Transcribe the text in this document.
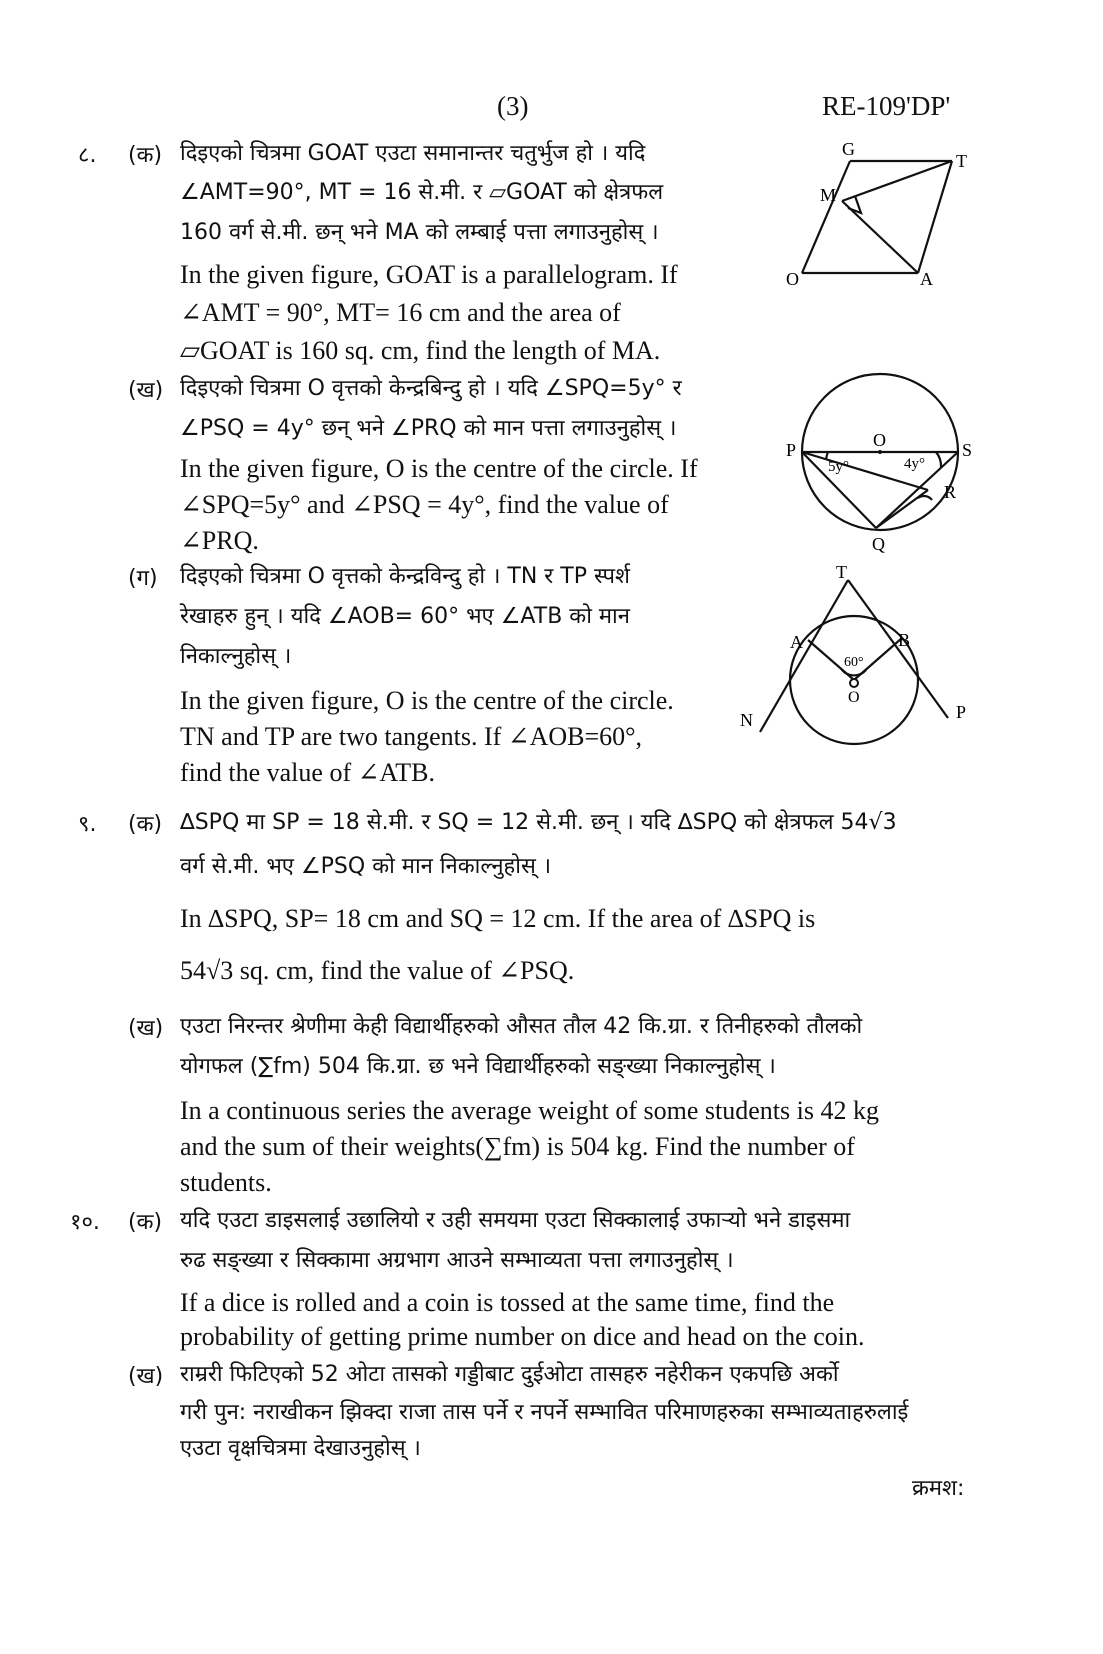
(3)	RE-109'DP'
८. (क) दिइएको चित्रमा GOAT एउटा समानान्तर चतुर्भुज हो । यदि
∠AMT=90°, MT = 16 से.मी. र ▱GOAT को क्षेत्रफल
160 वर्ग से.मी. छन् भने MA को लम्बाई पत्ता लगाउनुहोस् ।
In the given figure, GOAT is a parallelogram. If
∠AMT = 90°, MT= 16 cm and the area of
▱GOAT is 160 sq. cm, find the length of MA.
G
T
M
O	A
(ख) दिइएको चित्रमा O वृत्तको केन्द्रबिन्दु हो । यदि ∠SPQ=5y° र
∠PSQ = 4y° छन् भने ∠PRQ को मान पत्ता लगाउनुहोस् ।
In the given figure, O is the centre of the circle. If
∠SPQ=5y° and ∠PSQ = 4y°, find the value of
∠PRQ.
P	O	S
R
Q
5y°	4y°
(ग) दिइएको चित्रमा O वृत्तको केन्द्रविन्दु हो । TN र TP स्पर्श
रेखाहरु हुन् । यदि ∠AOB= 60° भए ∠ATB को मान
निकाल्नुहोस् ।
In the given figure, O is the centre of the circle.
TN and TP are two tangents. If ∠AOB=60°,
find the value of ∠ATB.
T
A	B
N	P
O
60°
९. (क) ∆SPQ मा SP = 18 से.मी. र SQ = 12 से.मी. छन् । यदि ∆SPQ को क्षेत्रफल 54√3
वर्ग से.मी. भए ∠PSQ को मान निकाल्नुहोस् ।
In ∆SPQ, SP= 18 cm and SQ = 12 cm. If the area of ∆SPQ is
54√3 sq. cm, find the value of ∠PSQ.
(ख) एउटा निरन्तर श्रेणीमा केही विद्यार्थीहरुको औसत तौल 42 कि.ग्रा. र तिनीहरुको तौलको
योगफल (∑fm) 504 कि.ग्रा. छ भने विद्यार्थीहरुको सङ्ख्या निकाल्नुहोस् ।
In a continuous series the average weight of some students is 42 kg
and the sum of their weights(∑fm) is 504 kg. Find the number of
students.
१०. (क) यदि एउटा डाइसलाई उछालियो र उही समयमा एउटा सिक्कालाई उफार्‍यो भने डाइसमा
रुढ सङ्ख्या र सिक्कामा अग्रभाग आउने सम्भाव्यता पत्ता लगाउनुहोस् ।
If a dice is rolled and a coin is tossed at the same time, find the
probability of getting prime number on dice and head on the coin.
(ख) राम्ररी फिटिएको 52 ओटा तासको गड्डीबाट दुईओटा तासहरु नहेरीकन एकपछि अर्को
गरी पुन: नराखीकन झिक्दा राजा तास पर्ने र नपर्ने सम्भावित परिमाणहरुका सम्भाव्यताहरुलाई
एउटा वृक्षचित्रमा देखाउनुहोस् ।
क्रमश:
